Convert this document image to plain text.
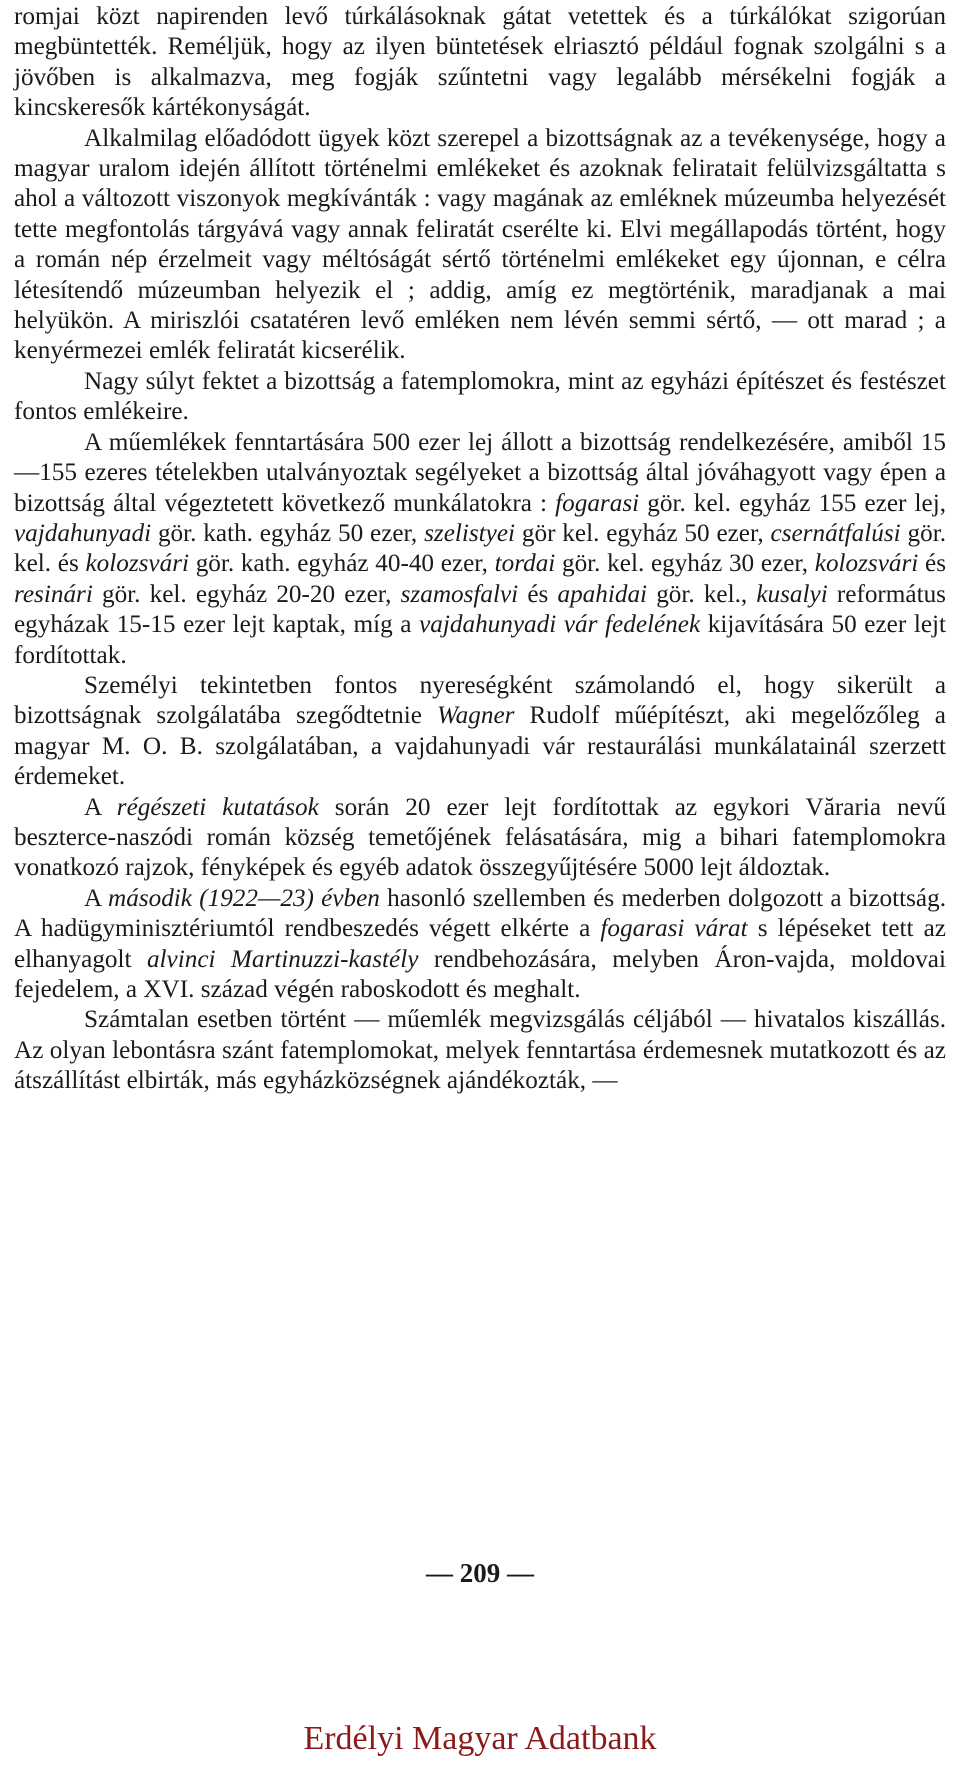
romjai közt napirenden levő túrkálásoknak gátat vetettek és a túrkálókat szigorúan megbüntették. Reméljük, hogy az ilyen büntetések elriasztó például fognak szolgálni s a jövőben is alkalmazva, meg fogják szűntetni vagy legalább mérsékelni fogják a kincskeresők kártékonyságát.

Alkalmilag előadódott ügyek közt szerepel a bizottságnak az a tevékenysége, hogy a magyar uralom idején állított történelmi emlékeket és azoknak feliratait felülvizsgáltatta s ahol a változott viszonyok megkívánták : vagy magának az emléknek múzeumba helyezését tette megfontolás tárgyává vagy annak feliratát cserélte ki. Elvi megállapodás történt, hogy a román nép érzelmeit vagy méltóságát sértő történelmi emlékeket egy újonnan, e célra létesítendő múzeumban helyezik el ; addig, amíg ez megtörténik, maradjanak a mai helyükön. A miriszlói csatatéren levő emléken nem lévén semmi sértő, — ott marad ; a kenyérmezei emlék feliratát kicserélik.

Nagy súlyt fektet a bizottság a fatemplomokra, mint az egyházi építészet és festészet fontos emlékeire.

A műemlékek fenntartására 500 ezer lej állott a bizottság rendelkezésére, amiből 15—155 ezeres tételekben utalványoztak segélyeket a bizottság által jóváhagyott vagy épen a bizottság által végeztetett következő munkálatokra : fogarasi gör. kel. egyház 155 ezer lej, vajdahunyadi gör. kath. egyház 50 ezer, szelistyei gör kel. egyház 50 ezer, csernátfalúsi gör. kel. és kolozsvári gör. kath. egyház 40-40 ezer, tordai gör. kel. egyház 30 ezer, kolozsvári és resinári gör. kel. egyház 20-20 ezer, szamosfalvi és apahidai gör. kel., kusalyi református egyházak 15-15 ezer lejt kaptak, míg a vajdahunyadi vár fedelének kijavítására 50 ezer lejt fordítottak.

Személyi tekintetben fontos nyereségként számolandó el, hogy sikerült a bizottságnak szolgálatába szegődtetnie Wagner Rudolf műépítészt, aki megelőzőleg a magyar M. O. B. szolgálatában, a vajdahunyadi vár restaurálási munkálatainál szerzett érdemeket.

A régészeti kutatások során 20 ezer lejt fordítottak az egykori Văraria nevű beszterce-naszódi román község temetőjének felásatására, mig a bihari fatemplomokra vonatkozó rajzok, fényképek és egyéb adatok összegyűjtésére 5000 lejt áldoztak.

A második (1922—23) évben hasonló szellemben és mederben dolgozott a bizottság. A hadügyminisztériumtól rendbeszedés végett elkérte a fogarasi várat s lépéseket tett az elhanyagolt alvinci Martinuzzi-kastély rendbehozására, melyben Áron-vajda, moldovai fejedelem, a XVI. század végén raboskodott és meghalt.

Számtalan esetben történt — műemlék megvizsgálás céljából — hivatalos kiszállás. Az olyan lebontásra szánt fatemplomokat, melyek fenntartása érdemesnek mutatkozott és az átszállítást elbirták, más egyházközségnek ajándékozták, —

— 209 —
Erdélyi Magyar Adatbank
